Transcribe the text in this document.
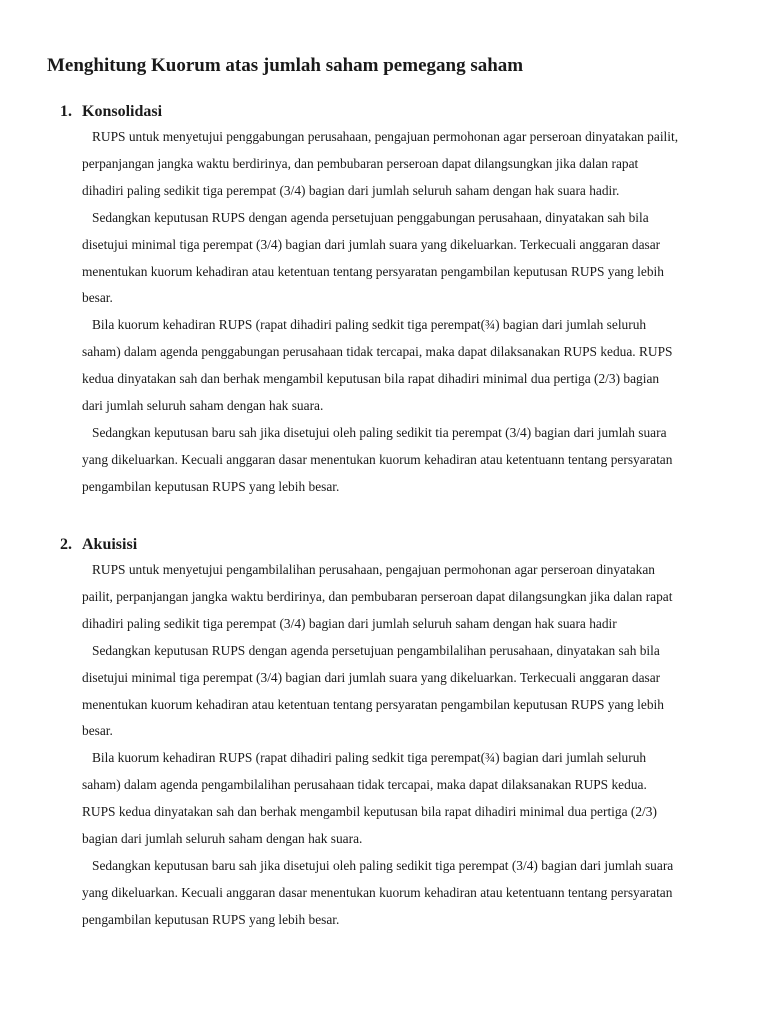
Menghitung Kuorum atas jumlah saham pemegang saham
1. Konsolidasi

RUPS untuk menyetujui penggabungan perusahaan, pengajuan permohonan agar perseroan dinyatakan pailit, perpanjangan jangka waktu berdirinya, dan pembubaran perseroan dapat dilangsungkan jika dalan rapat dihadiri paling sedikit tiga perempat (3/4) bagian dari jumlah seluruh saham dengan hak suara hadir.

Sedangkan keputusan RUPS dengan agenda persetujuan penggabungan perusahaan, dinyatakan sah bila disetujui minimal tiga perempat (3/4) bagian dari jumlah suara yang dikeluarkan. Terkecuali anggaran dasar menentukan kuorum kehadiran atau ketentuan tentang persyaratan pengambilan keputusan RUPS yang lebih besar.

Bila kuorum kehadiran RUPS (rapat dihadiri paling sedkit tiga perempat(¾) bagian dari jumlah seluruh saham) dalam agenda penggabungan perusahaan tidak tercapai, maka dapat dilaksanakan RUPS kedua. RUPS kedua dinyatakan sah dan berhak mengambil keputusan bila rapat dihadiri minimal dua pertiga (2/3) bagian dari jumlah seluruh saham dengan hak suara.

Sedangkan keputusan baru sah jika disetujui oleh paling sedikit tia perempat (3/4) bagian dari jumlah suara yang dikeluarkan. Kecuali anggaran dasar menentukan kuorum kehadiran atau ketentuann tentang persyaratan pengambilan keputusan RUPS yang lebih besar.

2. Akuisisi

RUPS untuk menyetujui pengambilalihan perusahaan, pengajuan permohonan agar perseroan dinyatakan pailit, perpanjangan jangka waktu berdirinya, dan pembubaran perseroan dapat dilangsungkan jika dalan rapat dihadiri paling sedikit tiga perempat (3/4) bagian dari jumlah seluruh saham dengan hak suara hadir

Sedangkan keputusan RUPS dengan agenda persetujuan pengambilalihan perusahaan, dinyatakan sah bila disetujui minimal tiga perempat (3/4) bagian dari jumlah suara yang dikeluarkan. Terkecuali anggaran dasar menentukan kuorum kehadiran atau ketentuan tentang persyaratan pengambilan keputusan RUPS yang lebih besar.

Bila kuorum kehadiran RUPS (rapat dihadiri paling sedkit tiga perempat(¾) bagian dari jumlah seluruh saham) dalam agenda pengambilalihan perusahaan tidak tercapai, maka dapat dilaksanakan RUPS kedua. RUPS kedua dinyatakan sah dan berhak mengambil keputusan bila rapat dihadiri minimal dua pertiga (2/3) bagian dari jumlah seluruh saham dengan hak suara.

Sedangkan keputusan baru sah jika disetujui oleh paling sedikit tiga perempat (3/4) bagian dari jumlah suara yang dikeluarkan. Kecuali anggaran dasar menentukan kuorum kehadiran atau ketentuann tentang persyaratan pengambilan keputusan RUPS yang lebih besar.
